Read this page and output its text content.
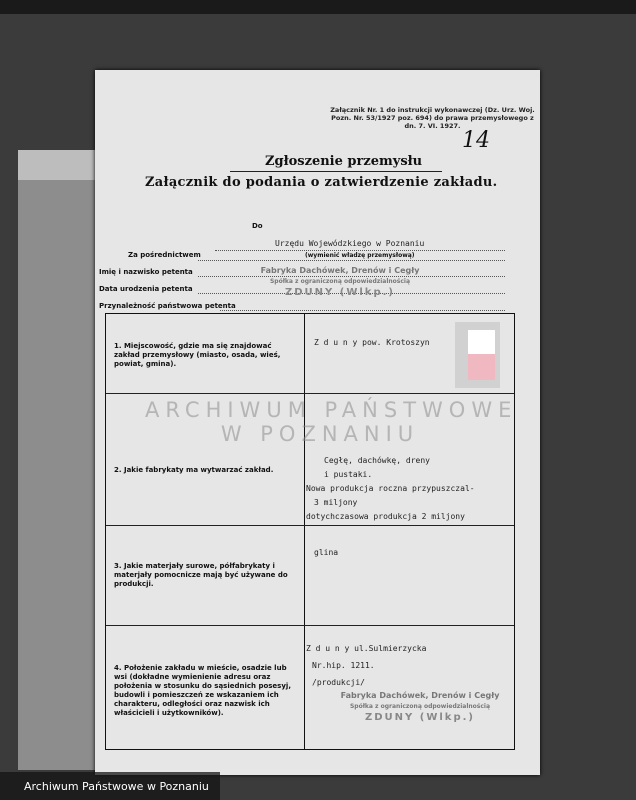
Załącznik Nr. 1 do instrukcji wykonawczej (Dz. Urz. Woj. Pozn. Nr. 53/1927 poz. 694) do prawa przemysłowego z dn. 7. VI. 1927.
14
Zgłoszenie przemysłu
Załącznik do podania o zatwierdzenie zakładu.
Do
Urzędu Wojewódzkiego w Poznaniu
(wymienić władzę przemysłową)
Za pośrednictwem
Imię i nazwisko petenta
Data urodzenia petenta
Przynależność państwowa petenta
Fabryka Dachówek, Drenów i Cegły
Spółka z ograniczoną odpowiedzialnością
ZDUNY (Wlkp.)
1. Miejscowość, gdzie ma się znajdować zakład przemysłowy (miasto, osada, wieś, powiat, gmina).
Z d u n y pow. Krotoszyn
2. Jakie fabrykaty ma wytwarzać zakład.
Cegłę, dachówkę, dreny
i pustaki.
Nowa produkcja roczna przypuszczal-
3 miljony
dotychczasowa produkcja 2 miljony
3. Jakie materjały surowe, półfabrykaty i materjały pomocnicze mają być używane do produkcji.
glina
4. Położenie zakładu w mieście, osadzie lub wsi (dokładne wymienienie adresu oraz położenia w stosunku do sąsiednich posesyj, budowli i pomieszczeń ze wskazaniem ich charakteru, odległości oraz nazwisk ich właścicieli i użytkowników).
Z d u n y ul.Sulmierzycka
Nr.hip. 1211.
/produkcji/
Fabryka Dachówek, Drenów i Cegły
Spółka z ograniczoną odpowiedzialnością
ZDUNY (Wlkp.)
ARCHIWUM PAŃSTWOWE
W POZNANIU
Archiwum Państwowe w Poznaniu
